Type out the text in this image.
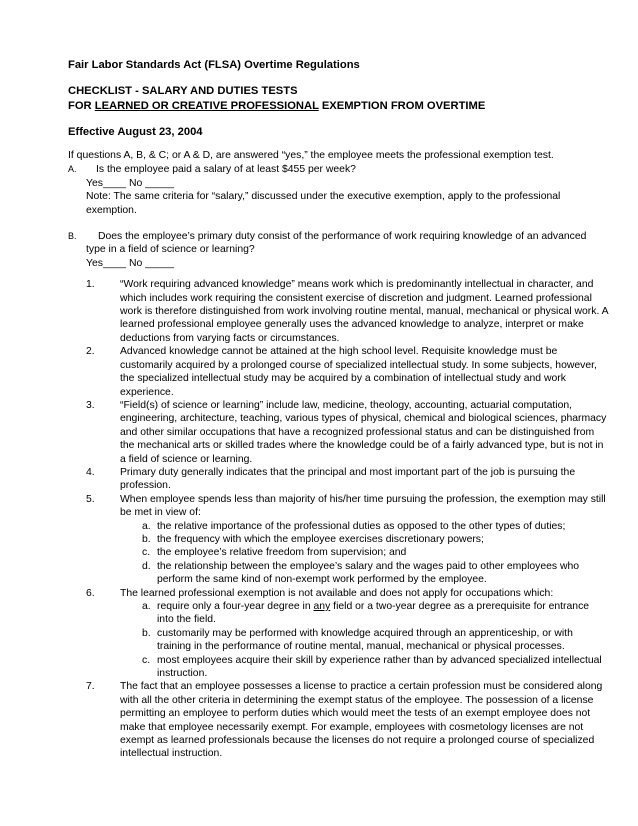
Fair Labor Standards Act (FLSA) Overtime Regulations
CHECKLIST - SALARY AND DUTIES TESTS
FOR LEARNED OR CREATIVE PROFESSIONAL EXEMPTION FROM OVERTIME
Effective August 23, 2004

If questions A, B, & C; or A & D, are answered “yes,” the employee meets the professional exemption test.

A.	Is the employee paid a salary of at least $455 per week?

Yes____ No _____

Note: The same criteria for “salary,” discussed under the executive exemption, apply to the professional exemption.

B.	Does the employee’s primary duty consist of the performance of work requiring knowledge of an advanced type in a field of science or learning?

Yes____ No _____

1. “Work requiring advanced knowledge” means work which is predominantly intellectual in character, and which includes work requiring the consistent exercise of discretion and judgment. Learned professional work is therefore distinguished from work involving routine mental, manual, mechanical or physical work. A learned professional employee generally uses the advanced knowledge to analyze, interpret or make deductions from varying facts or circumstances.
2. Advanced knowledge cannot be attained at the high school level. Requisite knowledge must be customarily acquired by a prolonged course of specialized intellectual study. In some subjects, however, the specialized intellectual study may be acquired by a combination of intellectual study and work experience.
3. “Field(s) of science or learning” include law, medicine, theology, accounting, actuarial computation, engineering, architecture, teaching, various types of physical, chemical and biological sciences, pharmacy and other similar occupations that have a recognized professional status and can be distinguished from the mechanical arts or skilled trades where the knowledge could be of a fairly advanced type, but is not in a field of science or learning.
4. Primary duty generally indicates that the principal and most important part of the job is pursuing the profession.
5. When employee spends less than majority of his/her time pursuing the profession, the exemption may still be met in view of:
a. the relative importance of the professional duties as opposed to the other types of duties;
b. the frequency with which the employee exercises discretionary powers;
c. the employee’s relative freedom from supervision; and
d. the relationship between the employee’s salary and the wages paid to other employees who perform the same kind of non-exempt work performed by the employee.
6. The learned professional exemption is not available and does not apply for occupations which:
a. require only a four-year degree in any field or a two-year degree as a prerequisite for entrance into the field.
b. customarily may be performed with knowledge acquired through an apprenticeship, or with training in the performance of routine mental, manual, mechanical or physical processes.
c. most employees acquire their skill by experience rather than by advanced specialized intellectual instruction.
7. The fact that an employee possesses a license to practice a certain profession must be considered along with all the other criteria in determining the exempt status of the employee. The possession of a license permitting an employee to perform duties which would meet the tests of an exempt employee does not make that employee necessarily exempt. For example, employees with cosmetology licenses are not exempt as learned professionals because the licenses do not require a prolonged course of specialized intellectual instruction.
